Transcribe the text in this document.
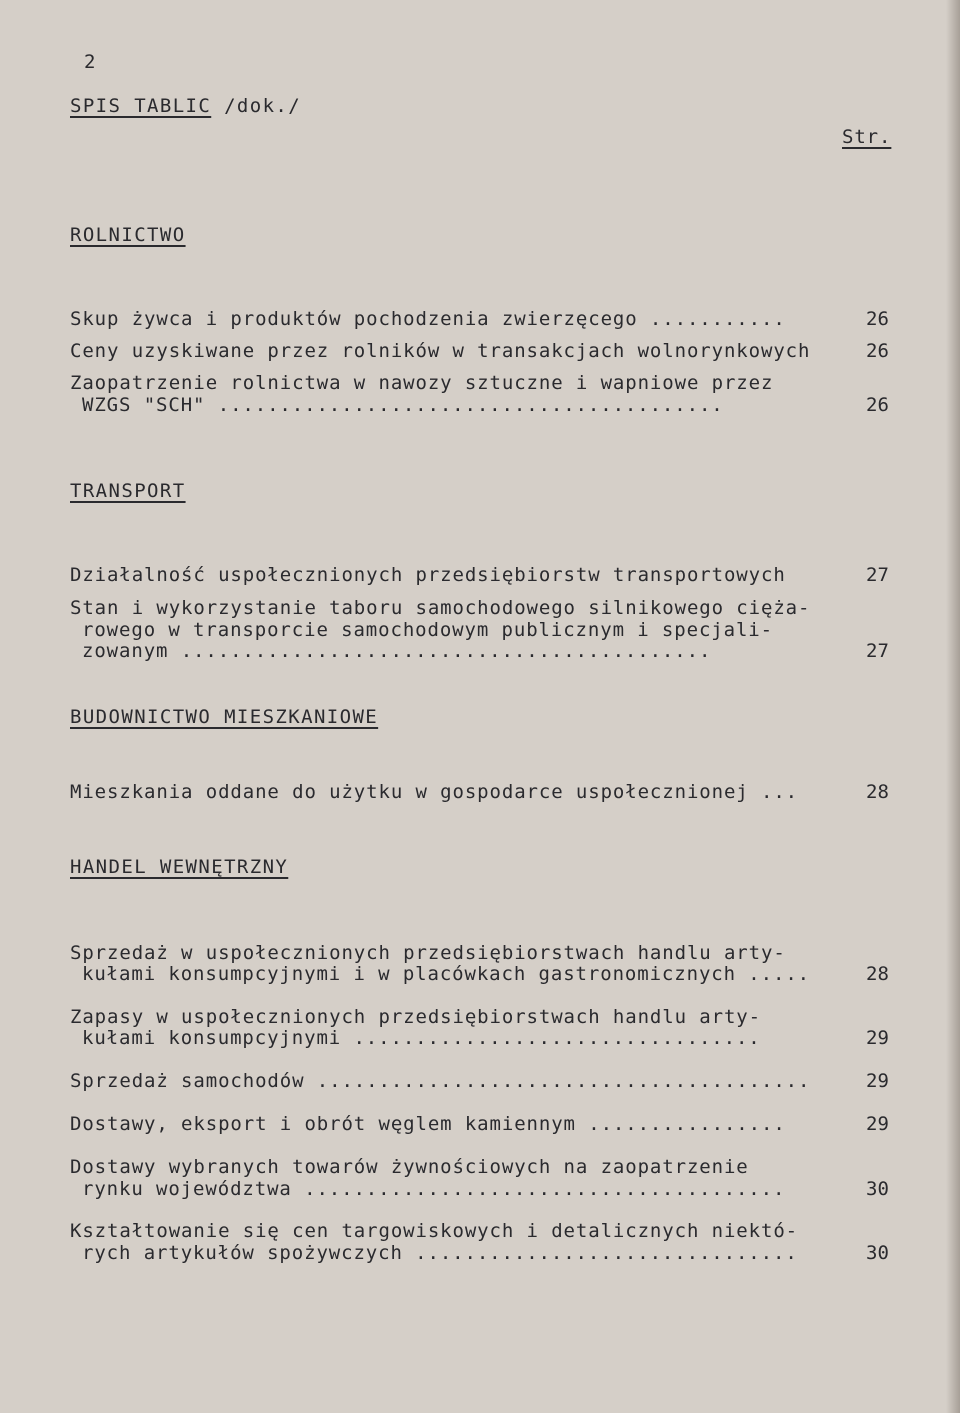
2
SPIS TABLIC /dok./
Str.
ROLNICTWO
Skup żywca i produktów pochodzenia zwierzęcego ...........	26
Ceny uzyskiwane przez rolników w transakcjach wolnorynkowych	26
Zaopatrzenie rolnictwa w nawozy sztuczne i wapniowe przez
WZGS "SCH" .........................................	26
TRANSPORT
Działalność uspołecznionych przedsiębiorstw transportowych	27
Stan i wykorzystanie taboru samochodowego silnikowego cięża-
rowego w transporcie samochodowym publicznym i specjali-
zowanym ...........................................	27
BUDOWNICTWO MIESZKANIOWE
Mieszkania oddane do użytku w gospodarce uspołecznionej ...	28
HANDEL WEWNĘTRZNY
Sprzedaż w uspołecznionych przedsiębiorstwach handlu arty-
kułami konsumpcyjnymi i w placówkach gastronomicznych .....	28
Zapasy w uspołecznionych przedsiębiorstwach handlu arty-
kułami konsumpcyjnymi .................................	29
Sprzedaż samochodów ........................................	29
Dostawy, eksport i obrót węglem kamiennym ................	29
Dostawy wybranych towarów żywnościowych na zaopatrzenie
rynku województwa .......................................	30
Kształtowanie się cen targowiskowych i detalicznych niektó-
rych artykułów spożywczych ...............................	30
